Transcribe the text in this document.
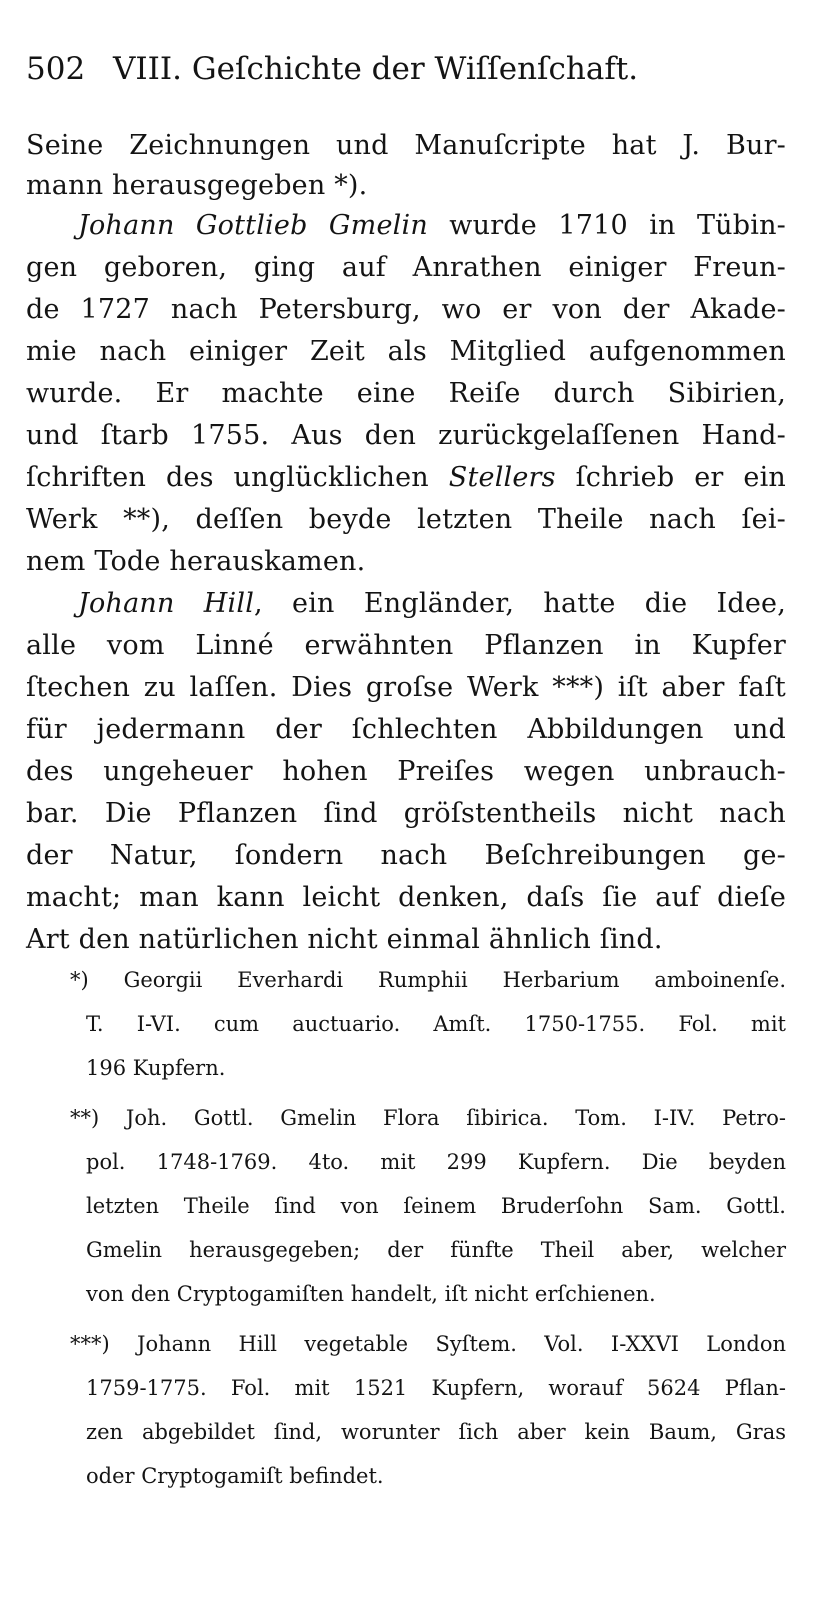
502 VIII. Geſchichte der Wiſſenſchaft.
Seine Zeichnungen und Manuſcripte hat J. Bur-
mann herausgegeben *).
Johann Gottlieb Gmelin wurde 1710 in Tübin-
gen geboren, ging auf Anrathen einiger Freun-
de 1727 nach Petersburg, wo er von der Akade-
mie nach einiger Zeit als Mitglied aufgenommen
wurde. Er machte eine Reiſe durch Sibirien,
und ſtarb 1755. Aus den zurückgelaſſenen Hand-
ſchriften des unglücklichen Stellers ſchrieb er ein
Werk **), deſſen beyde letzten Theile nach ſei-
nem Tode herauskamen.
Johann Hill, ein Engländer, hatte die Idee,
alle vom Linné erwähnten Pflanzen in Kupfer
ſtechen zu laſſen. Dies groſse Werk ***) iſt aber faſt
für jedermann der ſchlechten Abbildungen und
des ungeheuer hohen Preiſes wegen unbrauch-
bar. Die Pflanzen ſind gröſstentheils nicht nach
der Natur, ſondern nach Beſchreibungen ge-
macht; man kann leicht denken, daſs ſie auf dieſe
Art den natürlichen nicht einmal ähnlich ſind.
*) Georgii Everhardi Rumphii Herbarium amboinenſe.
T. I-VI. cum auctuario. Amſt. 1750-1755. Fol. mit
196 Kupfern.
**) Joh. Gottl. Gmelin Flora ſibirica. Tom. I-IV. Petro-
pol. 1748-1769. 4to. mit 299 Kupfern. Die beyden
letzten Theile ſind von ſeinem Bruderſohn Sam. Gottl.
Gmelin herausgegeben; der fünfte Theil aber, welcher
von den Cryptogamiſten handelt, iſt nicht erſchienen.
***) Johann Hill vegetable Syſtem. Vol. I-XXVI London
1759-1775. Fol. mit 1521 Kupfern, worauf 5624 Pflan-
zen abgebildet ſind, worunter ſich aber kein Baum, Gras
oder Cryptogamiſt befindet.
